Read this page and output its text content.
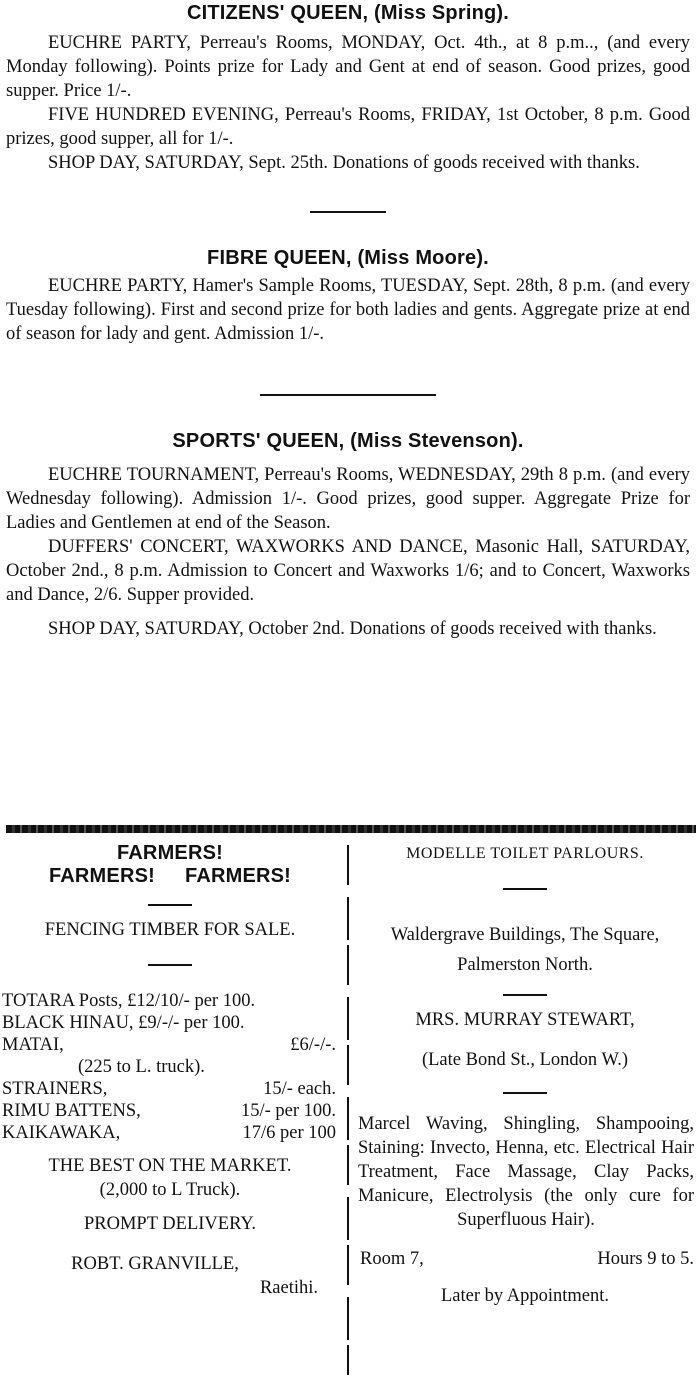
CITIZENS' QUEEN, (Miss Spring).

EUCHRE PARTY, Perreau's Rooms, MONDAY, Oct. 4th., at 8 p.m.., (and every Monday following). Points prize for Lady and Gent at end of season. Good prizes, good supper. Price 1/-.

FIVE HUNDRED EVENING, Perreau's Rooms, FRIDAY, 1st October, 8 p.m. Good prizes, good supper, all for 1/-.

SHOP DAY, SATURDAY, Sept. 25th. Donations of goods received with thanks.

FIBRE QUEEN, (Miss Moore).

EUCHRE PARTY, Hamer's Sample Rooms, TUESDAY, Sept. 28th, 8 p.m. (and every Tuesday following). First and second prize for both ladies and gents. Aggregate prize at end of season for lady and gent. Admission 1/-.

SPORTS' QUEEN, (Miss Stevenson).

EUCHRE TOURNAMENT, Perreau's Rooms, WEDNESDAY, 29th 8 p.m. (and every Wednesday following). Admission 1/-. Good prizes, good supper. Aggregate Prize for Ladies and Gentlemen at end of the Season.

DUFFERS' CONCERT, WAXWORKS AND DANCE, Masonic Hall, SATURDAY, October 2nd., 8 p.m. Admission to Concert and Waxworks 1/6; and to Concert, Waxworks and Dance, 2/6. Supper provided.

SHOP DAY, SATURDAY, October 2nd. Donations of goods received with thanks.

FARMERS!
FARMERS! FARMERS!
FENCING TIMBER FOR SALE.
TOTARA Posts, £12/10/- per 100.
BLACK HINAU, £9/-/- per 100.
MATAI,	£6/-/-.
(225 to L. truck).
STRAINERS,	15/- each.
RIMU BATTENS,	15/- per 100.
KAIKAWAKA,	17/6 per 100
THE BEST ON THE MARKET.
(2,000 to L Truck).
PROMPT DELIVERY.
ROBT. GRANVILLE,
Raetihi.
MODELLE TOILET PARLOURS.
Waldergrave Buildings, The Square,
Palmerston North.
MRS. MURRAY STEWART,
(Late Bond St., London W.)

Marcel Waving, Shingling, Shampooing, Staining: Invecto, Henna, etc. Electrical Hair Treatment, Face Massage, Clay Packs, Manicure, Electrolysis (the only cure for Superfluous Hair).

Room 7,	Hours 9 to 5.
Later by Appointment.
